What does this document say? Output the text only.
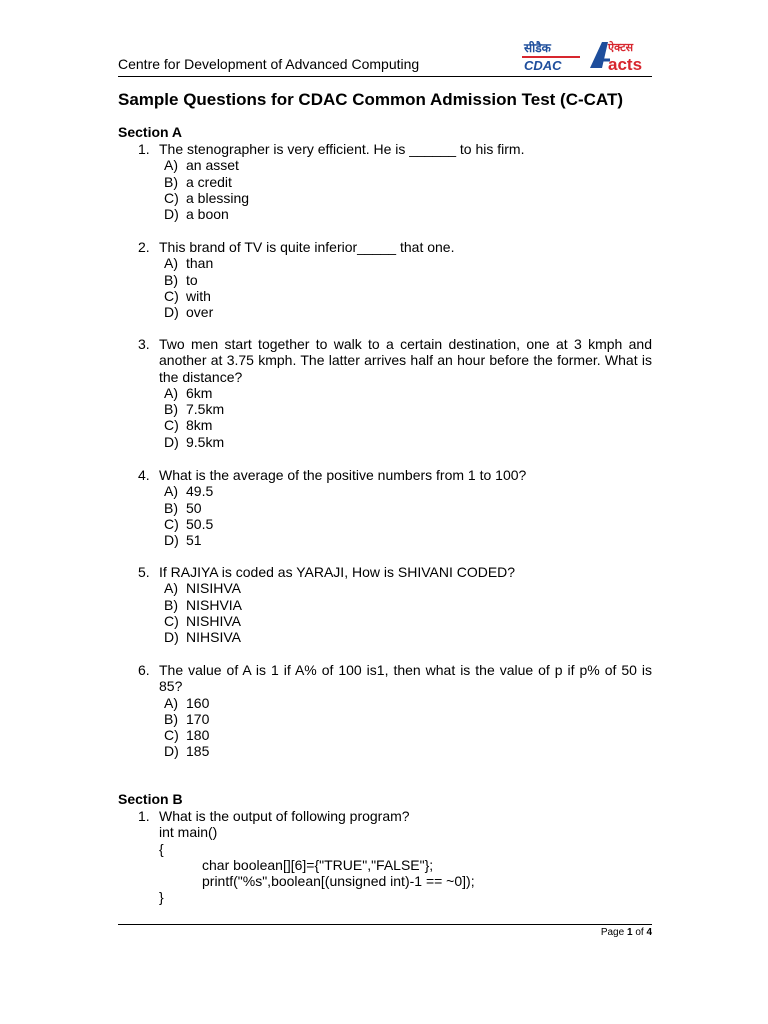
Centre for Development of Advanced Computing
सीडैक
CDAC
ऐक्टस
acts
Sample Questions for CDAC Common Admission Test (C-CAT)
Section A
1. The stenographer is very efficient. He is ______ to his firm.
A) an asset
B) a credit
C) a blessing
D) a boon
2. This brand of TV is quite inferior_____ that one.
A) than
B) to
C) with
D) over
3. Two men start together to walk to a certain destination, one at 3 kmph and another at 3.75 kmph. The latter arrives half an hour before the former. What is the distance?
A) 6km
B) 7.5km
C) 8km
D) 9.5km
4. What is the average of the positive numbers from 1 to 100?
A) 49.5
B) 50
C) 50.5
D) 51
5. If RAJIYA is coded as YARAJI, How is SHIVANI CODED?
A) NISIHVA
B) NISHVIA
C) NISHIVA
D) NIHSIVA
6. The value of A is 1 if A% of 100 is1, then what is the value of p if p% of 50 is 85?
A) 160
B) 170
C) 180
D) 185
Section B
1. What is the output of following program?
int main()
{
char boolean[][6]={"TRUE","FALSE"};
printf("%s",boolean[(unsigned int)-1 == ~0]);
}
Page 1 of 4
